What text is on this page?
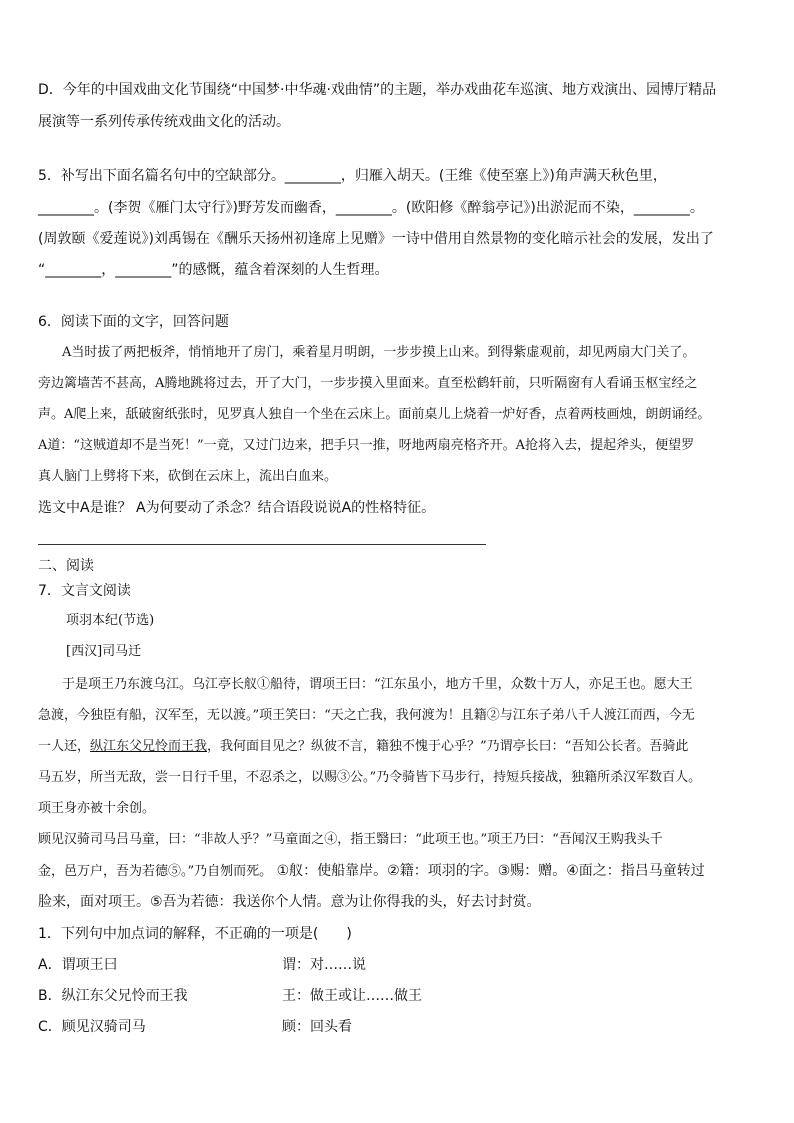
D．今年的中国戏曲文化节围绕“中国梦·中华魂·戏曲情”的主题，举办戏曲花车巡演、地方戏演出、园博厅精品
展演等一系列传承传统戏曲文化的活动。
5．补写出下面名篇名句中的空缺部分。________，归雁入胡天。(王维《使至塞上》)角声满天秋色里，
________。(李贺《雁门太守行》)野芳发而幽香，________。(欧阳修《醉翁亭记》)出淤泥而不染，________。
(周敦颐《爱莲说》)刘禹锡在《酬乐天扬州初逢席上见赠》一诗中借用自然景物的变化暗示社会的发展，发出了
“________，________”的感慨，蕴含着深刻的人生哲理。
6．阅读下面的文字，回答问题
A当时拔了两把板斧，悄悄地开了房门，乘着星月明朗，一步步摸上山来。到得紫虚观前，却见两扇大门关了。
旁边篱墙苦不甚高，A腾地跳将过去，开了大门，一步步摸入里面来。直至松鹤轩前，只听隔窗有人看诵玉枢宝经之
声。A爬上来，舐破窗纸张时，见罗真人独自一个坐在云床上。面前桌儿上烧着一炉好香，点着两枝画烛，朗朗诵经。
A道：“这贼道却不是当死！”一竟，又过门边来，把手只一推，呀地两扇亮格齐开。A抢将入去，提起斧头，便望罗
真人脑门上劈将下来，砍倒在云床上，流出白血来。
选文中A是谁？ A为何要动了杀念？结合语段说说A的性格特征。
二、阅读
7．文言文阅读
项羽本纪(节选)
[西汉]司马迁
于是项王乃东渡乌江。乌江亭长舣①船待，谓项王曰：“江东虽小，地方千里，众数十万人，亦足王也。愿大王
急渡，今独臣有船，汉军至，无以渡。”项王笑曰：“天之亡我，我何渡为！且籍②与江东子弟八千人渡江而西，今无
一人还，纵江东父兄怜而王我，我何面目见之？纵彼不言，籍独不愧于心乎？”乃谓亭长曰：“吾知公长者。吾骑此
马五岁，所当无敌，尝一日行千里，不忍杀之，以赐③公。”乃令骑皆下马步行，持短兵接战，独籍所杀汉军数百人。
项王身亦被十余创。
顾见汉骑司马吕马童，曰：“非故人乎？”马童面之④，指王翳曰：“此项王也。”项王乃曰：“吾闻汉王购我头千
金，邑万户，吾为若德⑤。”乃自刎而死。 ①舣：使船靠岸。②籍：项羽的字。③赐：赠。④面之：指吕马童转过
脸来，面对项王。⑤吾为若德：我送你个人情。意为让你得我的头，好去讨封赏。
1．下列句中加点词的解释，不正确的一项是(　　)
A．谓项王曰	谓：对……说
B．纵江东父兄怜而王我	王：做王或让……做王
C．顾见汉骑司马	顾：回头看
